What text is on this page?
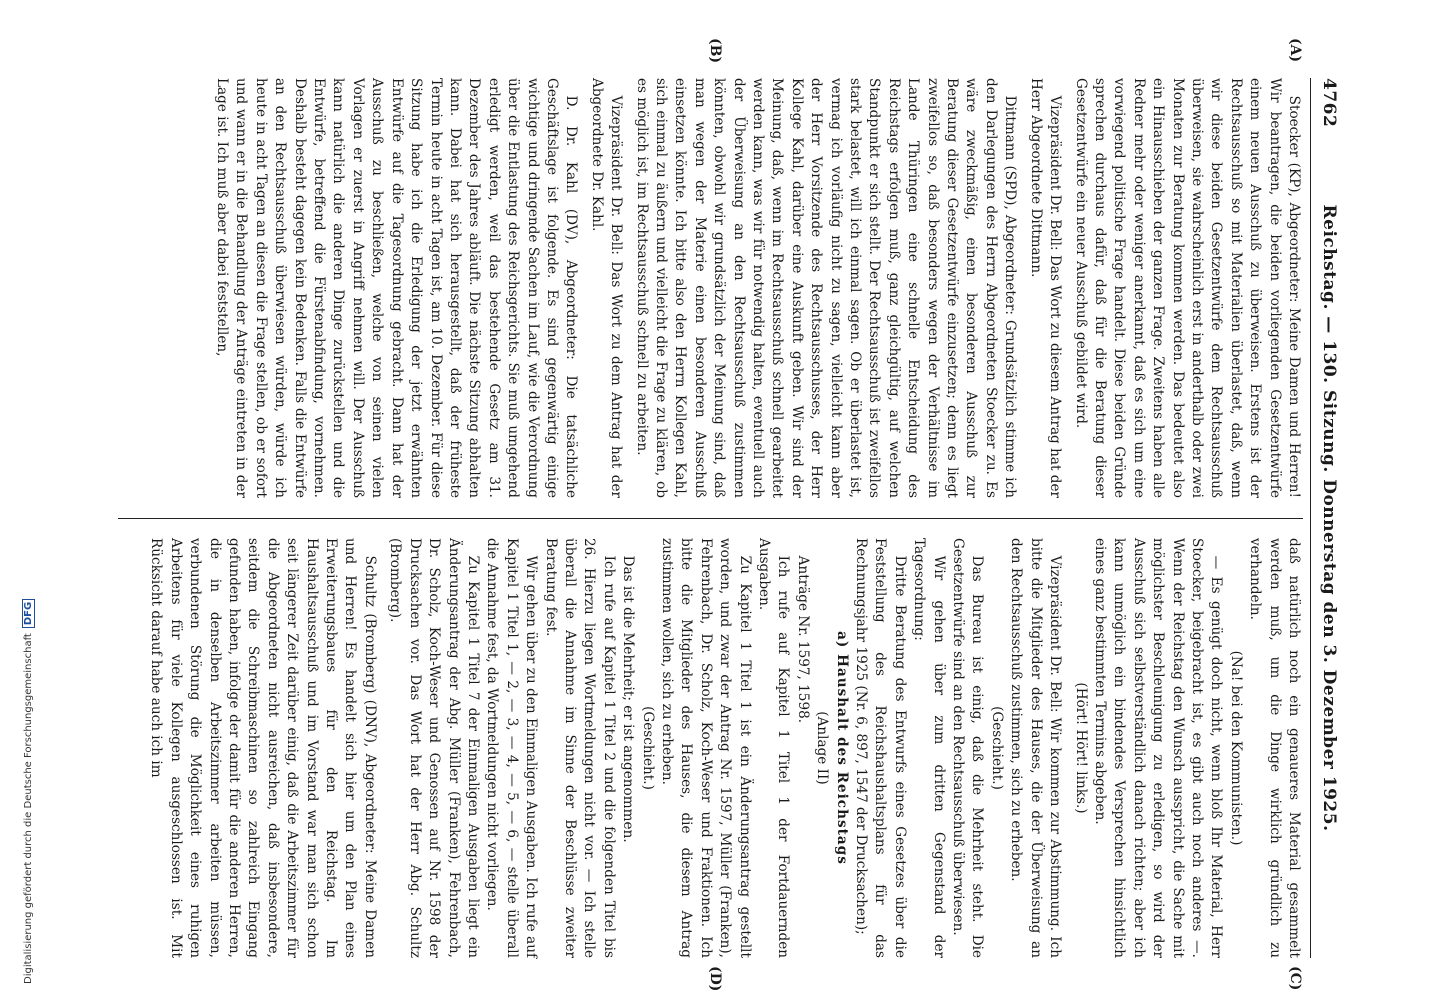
4762
Reichstag. — 130. Sitzung. Donnerstag den 3. Dezember 1925.
(A)
(B)
(C)
(D)

Stoecker (KP), Abgeordneter: Meine Damen und Herren! Wir beantragen, die beiden vorliegenden Gesetzentwürfe einem neuen Ausschuß zu überweisen. Erstens ist der Rechtsausschuß so mit Materialien überlastet, daß, wenn wir diese beiden Gesetzentwürfe dem Rechtsausschuß überweisen, sie wahrscheinlich erst in anderthalb oder zwei Monaten zur Beratung kommen werden. Das bedeutet also ein Hinausschieben der ganzen Frage. Zweitens haben alle Redner mehr oder weniger anerkannt, daß es sich um eine vorwiegend politische Frage handelt. Diese beiden Gründe sprechen durchaus dafür, daß für die Beratung dieser Gesetzentwürfe ein neuer Ausschuß gebildet wird.

Vizepräsident Dr. Bell: Das Wort zu diesem Antrag hat der Herr Abgeordnete Dittmann.

Dittmann (SPD), Abgeordneter: Grundsätzlich stimme ich den Darlegungen des Herrn Abgeordneten Stoecker zu. Es wäre zweckmäßig, einen besonderen Ausschuß zur Beratung dieser Gesetzentwürfe einzusetzen; denn es liegt zweifellos so, daß besonders wegen der Verhältnisse im Lande Thüringen eine schnelle Entscheidung des Reichstags erfolgen muß, ganz gleichgültig, auf welchen Standpunkt er sich stellt. Der Rechtsausschuß ist zweifellos stark belastet, will ich einmal sagen. Ob er überlastet ist, vermag ich vorläufig nicht zu sagen, vielleicht kann aber der Herr Vorsitzende des Rechtsausschusses, der Herr Kollege Kahl, darüber eine Auskunft geben. Wir sind der Meinung, daß, wenn im Rechtsausschuß schnell gearbeitet werden kann, was wir für notwendig halten, eventuell auch der Überweisung an den Rechtsausschuß zustimmen könnten, obwohl wir grundsätzlich der Meinung sind, daß man wegen der Materie einen besonderen Ausschuß einsetzen könnte. Ich bitte also den Herrn Kollegen Kahl, sich einmal zu äußern und vielleicht die Frage zu klären, ob es möglich ist, im Rechtsausschuß schnell zu arbeiten.

Vizepräsident Dr. Bell: Das Wort zu dem Antrag hat der Abgeordnete Dr. Kahl.

D. Dr. Kahl (DV), Abgeordneter: Die tatsächliche Geschäftslage ist folgende. Es sind gegenwärtig einige wichtige und dringende Sachen im Lauf, wie die Verordnung über die Entlastung des Reichsgerichts. Sie muß umgehend erledigt werden, weil das bestehende Gesetz am 31. Dezember des Jahres abläuft. Die nächste Sitzung abhalten kann. Dabei hat sich herausgestellt, daß der früheste Termin heute in acht Tagen ist, am 10. Dezember. Für diese Sitzung habe ich die Erledigung der jetzt erwähnten Entwürfe auf die Tagesordnung gebracht. Dann hat der Ausschuß zu beschließen, welche von seinen vielen Vorlagen er zuerst in Angriff nehmen will. Der Ausschuß kann natürlich die anderen Dinge zurückstellen und die Entwürfe, betreffend die Fürstenabfindung, vornehmen. Deshalb besteht dagegen kein Bedenken. Falls die Entwürfe an den Rechtsausschuß überwiesen würden, würde ich heute in acht Tagen an diesen die Frage stellen, ob er sofort und wann er in die Behandlung der Anträge eintreten in der Lage ist. Ich muß aber dabei feststellen,

daß natürlich noch ein genaueres Material gesammelt werden muß, um die Dinge wirklich gründlich zu verhandeln.

(Na! bei den Kommunisten.)

— Es genügt doch nicht, wenn bloß Ihr Material, Herr Stoecker, beigebracht ist, es gibt auch noch anderes —. Wenn der Reichstag den Wunsch ausspricht, die Sache mit möglichster Beschleunigung zu erledigen, so wird der Ausschuß sich selbstverständlich danach richten; aber ich kann unmöglich ein bindendes Versprechen hinsichtlich eines ganz bestimmten Termins abgeben.

(Hört! Hört! links.)

Vizepräsident Dr. Bell: Wir kommen zur Abstimmung. Ich bitte die Mitglieder des Hauses, die der Überweisung an den Rechtsausschuß zustimmen, sich zu erheben.

(Geschieht.)

Das Bureau ist einig, daß die Mehrheit steht. Die Gesetzentwürfe sind an den Rechtsausschuß überwiesen.

Wir gehen über zum dritten Gegenstand der Tagesordnung:

Dritte Beratung des Entwurfs eines Gesetzes über die Feststellung des Reichshaushaltsplans für das Rechnungsjahr 1925 (Nr. 6, 897, 1547 der Drucksachen);

a) Haushalt des Reichstags

(Anlage II)

Anträge Nr. 1597, 1598.

Ich rufe auf Kapitel 1 Titel 1 der Fortdauernden Ausgaben.

Zu Kapitel 1 Titel 1 ist ein Änderungsantrag gestellt worden, und zwar der Antrag Nr. 1597, Müller (Franken), Fehrenbach, Dr. Scholz, Koch-Weser und Fraktionen. Ich bitte die Mitglieder des Hauses, die diesem Antrag zustimmen wollen, sich zu erheben.

(Geschieht.)

Das ist die Mehrheit; er ist angenommen.

Ich rufe auf Kapitel 1 Titel 2 und die folgenden Titel bis 26. Hierzu liegen Wortmeldungen nicht vor. — Ich stelle überall die Annahme im Sinne der Beschlüsse zweiter Beratung fest.

Wir gehen über zu den Einmaligen Ausgaben. Ich rufe auf Kapitel 1 Titel 1, — 2, — 3, — 4, — 5, — 6, — stelle überall die Annahme fest, da Wortmeldungen nicht vorliegen.

Zu Kapitel 1 Titel 7 der Einmaligen Ausgaben liegt ein Änderungsantrag der Abg. Müller (Franken), Fehrenbach, Dr. Scholz, Koch-Weser und Genossen auf Nr. 1598 der Drucksachen vor. Das Wort hat der Herr Abg. Schultz (Bromberg).

Schultz (Bromberg) (DNV), Abgeordneter: Meine Damen und Herren! Es handelt sich hier um den Plan eines Erweiterungsbaues für den Reichstag. Im Haushaltsausschuß und im Vorstand war man sich schon seit längerer Zeit darüber einig, daß die Arbeitszimmer für die Abgeordneten nicht ausreichen, daß insbesondere, seitdem die Schreibmaschinen so zahlreich Eingang gefunden haben, infolge der damit für die anderen Herren, die in denselben Arbeitszimmer arbeiten müssen, verbundenen Störung die Möglichkeit eines ruhigen Arbeitens für viele Kollegen ausgeschlossen ist. Mit Rücksicht darauf habe auch ich im

Digitalisierung gefördert durch die Deutsche ForschungsgemeinschaftDFG
